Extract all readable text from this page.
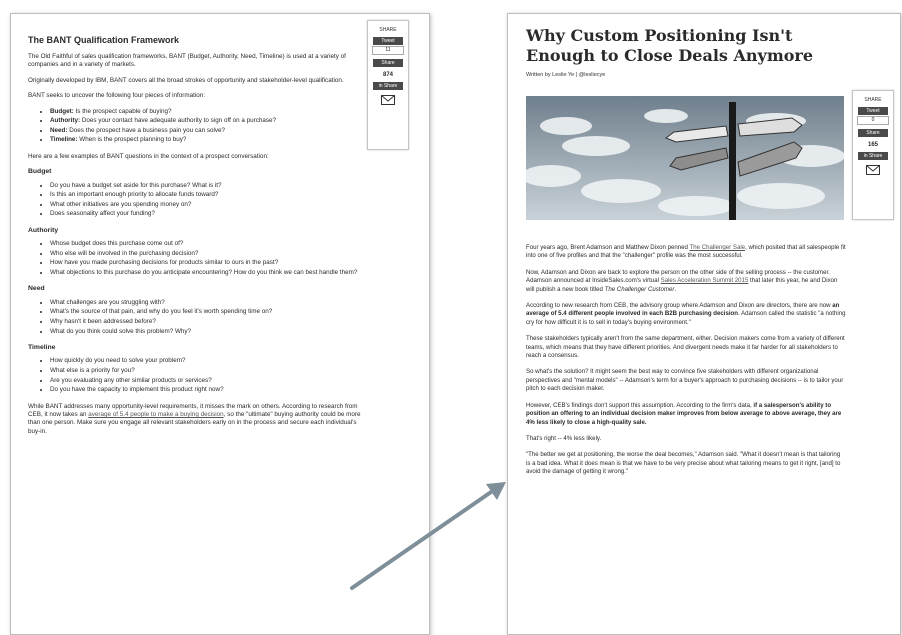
The BANT Qualification Framework

The Old Faithful of sales qualification frameworks, BANT (Budget, Authority, Need, Timeline) is used at a variety of companies and in a variety of markets.

Originally developed by IBM, BANT covers all the broad strokes of opportunity and stakeholder-level qualification.

BANT seeks to uncover the following four pieces of information:

• Budget: Is the prospect capable of buying?
• Authority: Does your contact have adequate authority to sign off on a purchase?
• Need: Does the prospect have a business pain you can solve?
• Timeline: When is the prospect planning to buy?

Here are a few examples of BANT questions in the context of a prospect conversation:

Budget
• Do you have a budget set aside for this purchase? What is it?
• Is this an important enough priority to allocate funds toward?
• What other initiatives are you spending money on?
• Does seasonality affect your funding?
Authority
• Whose budget does this purchase come out of?
• Who else will be involved in the purchasing decision?
• How have you made purchasing decisions for products similar to ours in the past?
• What objections to this purchase do you anticipate encountering? How do you think we can best handle them?
Need
• What challenges are you struggling with?
• What's the source of that pain, and why do you feel it's worth spending time on?
• Why hasn't it been addressed before?
• What do you think could solve this problem? Why?
Timeline
• How quickly do you need to solve your problem?
• What else is a priority for you?
• Are you evaluating any other similar products or services?
• Do you have the capacity to implement this product right now?

While BANT addresses many opportunity-level requirements, it misses the mark on others. According to research from CEB, it now takes an average of 5.4 people to make a buying decision, so the "ultimate" buying authority could be more than one person. Make sure you engage all relevant stakeholders early on in the process and secure each individual's buy-in.

SHARE
Tweet
11
Share
874
in Share
Why Custom Positioning Isn't Enough to Close Deals Anymore
Written by Leslie Ye | @lesliecye
SHARE
Tweet
0
Share
165
in Share

Four years ago, Brent Adamson and Matthew Dixon penned The Challenger Sale, which posited that all salespeople fit into one of five profiles and that the "challenger" profile was the most successful.

Now, Adamson and Dixon are back to explore the person on the other side of the selling process -- the customer. Adamson announced at InsideSales.com's virtual Sales Acceleration Summit 2015 that later this year, he and Dixon will publish a new book titled The Challenger Customer.

According to new research from CEB, the advisory group where Adamson and Dixon are directors, there are now an average of 5.4 different people involved in each B2B purchasing decision. Adamson called the statistic "a nothing cry for how difficult it is to sell in today's buying environment."

These stakeholders typically aren't from the same department, either. Decision makers come from a variety of different teams, which means that they have different priorities. And divergent needs make it far harder for all stakeholders to reach a consensus.

So what's the solution? It might seem the best way to convince five stakeholders with different organizational perspectives and "mental models" -- Adamson's term for a buyer's approach to purchasing decisions -- is to tailor your pitch to each decision maker.

However, CEB's findings don't support this assumption. According to the firm's data, if a salesperson's ability to position an offering to an individual decision maker improves from below average to above average, they are 4% less likely to close a high-quality sale.

That's right -- 4% less likely.

"The better we get at positioning, the worse the deal becomes," Adamson said. "What it doesn't mean is that tailoring is a bad idea. What it does mean is that we have to be very precise about what tailoring means to get it right, [and] to avoid the damage of getting it wrong."
